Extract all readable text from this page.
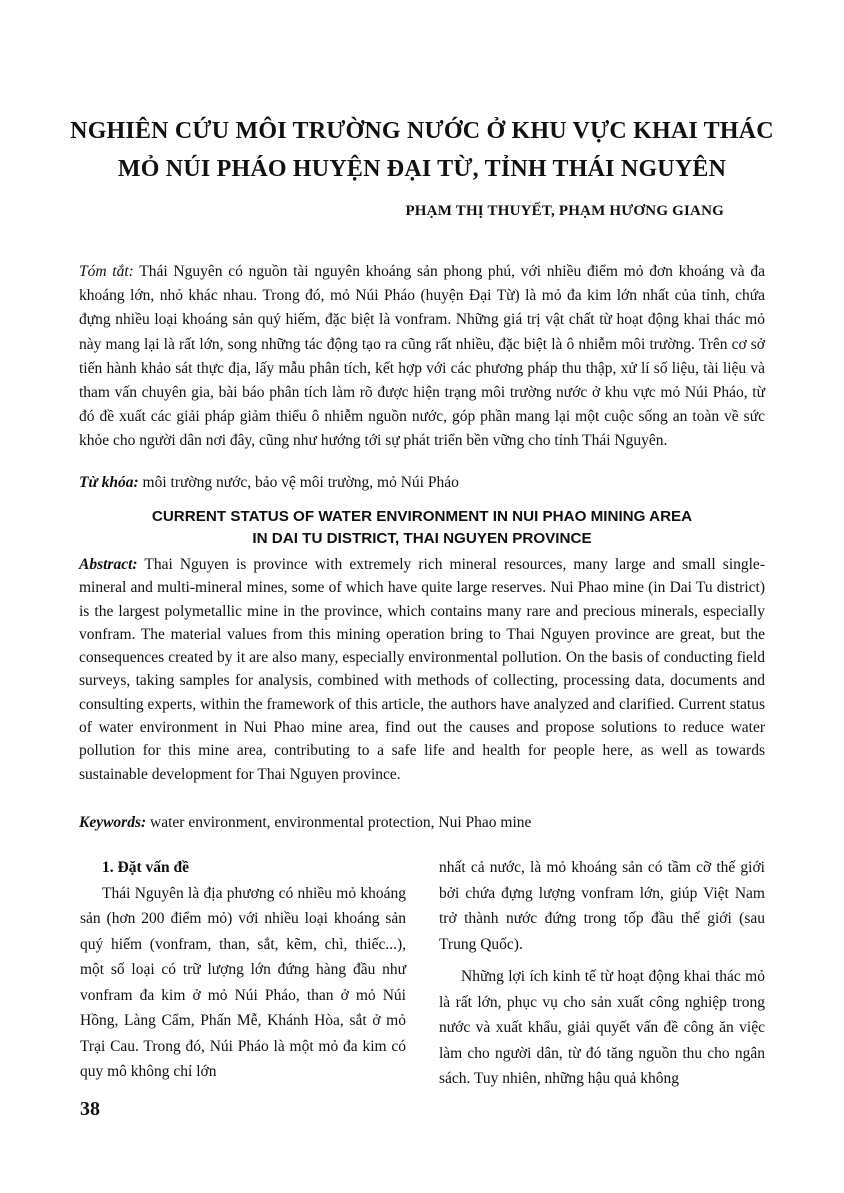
NGHIÊN CỨU MÔI TRƯỜNG NƯỚC Ở KHU VỰC KHAI THÁC
MỎ NÚI PHÁO HUYỆN ĐẠI TỪ, TỈNH THÁI NGUYÊN
PHẠM THỊ THUYẾT, PHẠM HƯƠNG GIANG

Tóm tắt: Thái Nguyên có nguồn tài nguyên khoáng sản phong phú, với nhiều điểm mỏ đơn khoáng và đa khoáng lớn, nhỏ khác nhau. Trong đó, mỏ Núi Pháo (huyện Đại Từ) là mỏ đa kim lớn nhất của tỉnh, chứa đựng nhiều loại khoáng sản quý hiếm, đặc biệt là vonfram. Những giá trị vật chất từ hoạt động khai thác mỏ này mang lại là rất lớn, song những tác động tạo ra cũng rất nhiều, đặc biệt là ô nhiễm môi trường. Trên cơ sở tiến hành khảo sát thực địa, lấy mẫu phân tích, kết hợp với các phương pháp thu thập, xử lí số liệu, tài liệu và tham vấn chuyên gia, bài báo phân tích làm rõ được hiện trạng môi trường nước ở khu vực mỏ Núi Pháo, từ đó đề xuất các giải pháp giảm thiểu ô nhiễm nguồn nước, góp phần mang lại một cuộc sống an toàn về sức khỏe cho người dân nơi đây, cũng như hướng tới sự phát triển bền vững cho tỉnh Thái Nguyên.

Từ khóa: môi trường nước, bảo vệ môi trường, mỏ Núi Pháo

CURRENT STATUS OF WATER ENVIRONMENT IN NUI PHAO MINING AREA
IN DAI TU DISTRICT, THAI NGUYEN PROVINCE

Abstract: Thai Nguyen is province with extremely rich mineral resources, many large and small single-mineral and multi-mineral mines, some of which have quite large reserves. Nui Phao mine (in Dai Tu district) is the largest polymetallic mine in the province, which contains many rare and precious minerals, especially vonfram. The material values from this mining operation bring to Thai Nguyen province are great, but the consequences created by it are also many, especially environmental pollution. On the basis of conducting field surveys, taking samples for analysis, combined with methods of collecting, processing data, documents and consulting experts, within the framework of this article, the authors have analyzed and clarified. Current status of water environment in Nui Phao mine area, find out the causes and propose solutions to reduce water pollution for this mine area, contributing to a safe life and health for people here, as well as towards sustainable development for Thai Nguyen province.

Keywords: water environment, environmental protection, Nui Phao mine

1. Đặt vấn đề

Thái Nguyên là địa phương có nhiều mỏ khoáng sản (hơn 200 điểm mỏ) với nhiều loại khoáng sản quý hiếm (vonfram, than, sắt, kẽm, chì, thiếc...), một số loại có trữ lượng lớn đứng hàng đầu như vonfram đa kim ở mỏ Núi Pháo, than ở mỏ Núi Hồng, Làng Cẩm, Phấn Mễ, Khánh Hòa, sắt ở mỏ Trại Cau. Trong đó, Núi Pháo là một mỏ đa kim có quy mô không chỉ lớn

nhất cả nước, là mỏ khoáng sản có tầm cỡ thế giới bởi chứa đựng lượng vonfram lớn, giúp Việt Nam trở thành nước đứng trong tốp đầu thế giới (sau Trung Quốc).

Những lợi ích kinh tế từ hoạt động khai thác mỏ là rất lớn, phục vụ cho sản xuất công nghiệp trong nước và xuất khẩu, giải quyết vấn đề công ăn việc làm cho người dân, từ đó tăng nguồn thu cho ngân sách. Tuy nhiên, những hậu quả không

38
